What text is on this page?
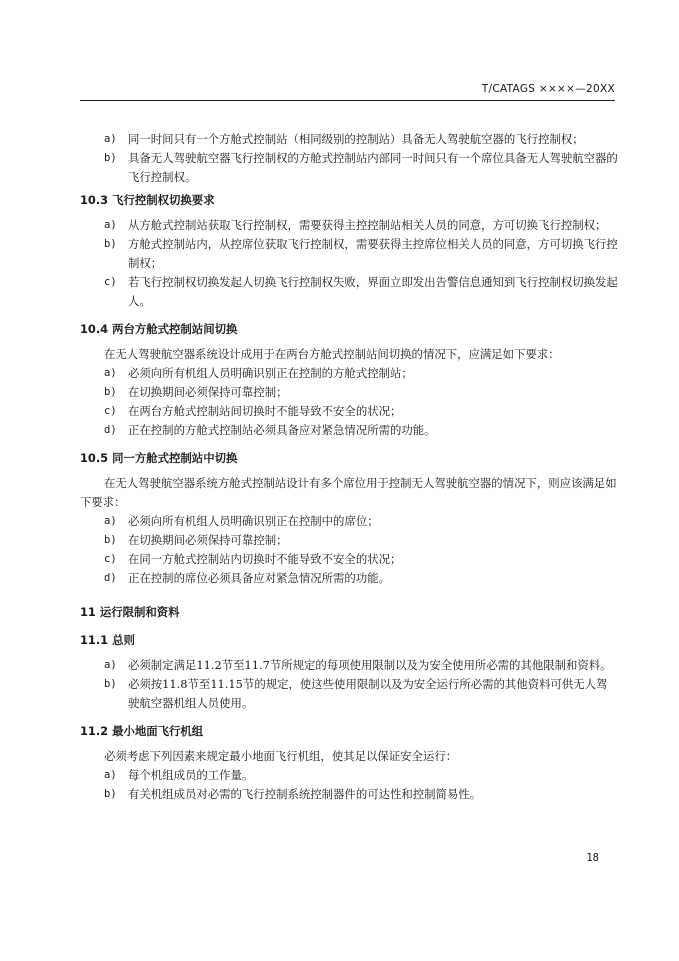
T/CATAGS ××××—20XX

a) 同一时间只有一个方舱式控制站（相同级别的控制站）具备无人驾驶航空器的飞行控制权；

b) 具备无人驾驶航空器飞行控制权的方舱式控制站内部同一时间只有一个席位具备无人驾驶航空器的飞行控制权。

10.3 飞行控制权切换要求

a) 从方舱式控制站获取飞行控制权，需要获得主控控制站相关人员的同意，方可切换飞行控制权；

b) 方舱式控制站内，从控席位获取飞行控制权，需要获得主控席位相关人员的同意，方可切换飞行控制权；

c) 若飞行控制权切换发起人切换飞行控制权失败，界面立即发出告警信息通知到飞行控制权切换发起人。

10.4 两台方舱式控制站间切换

在无人驾驶航空器系统设计成用于在两台方舱式控制站间切换的情况下，应满足如下要求：

a) 必须向所有机组人员明确识别正在控制的方舱式控制站；

b) 在切换期间必须保持可靠控制；

c) 在两台方舱式控制站间切换时不能导致不安全的状况；

d) 正在控制的方舱式控制站必须具备应对紧急情况所需的功能。

10.5 同一方舱式控制站中切换

在无人驾驶航空器系统方舱式控制站设计有多个席位用于控制无人驾驶航空器的情况下，则应该满足如下要求：

a) 必须向所有机组人员明确识别正在控制中的席位；

b) 在切换期间必须保持可靠控制；

c) 在同一方舱式控制站内切换时不能导致不安全的状况；

d) 正在控制的席位必须具备应对紧急情况所需的功能。

11 运行限制和资料

11.1 总则

a) 必须制定满足11.2节至11.7节所规定的每项使用限制以及为安全使用所必需的其他限制和资料。

b) 必须按11.8节至11.15节的规定，使这些使用限制以及为安全运行所必需的其他资料可供无人驾驶航空器机组人员使用。

11.2 最小地面飞行机组

必须考虑下列因素来规定最小地面飞行机组，使其足以保证安全运行：

a) 每个机组成员的工作量。

b) 有关机组成员对必需的飞行控制系统控制器件的可达性和控制简易性。

18
